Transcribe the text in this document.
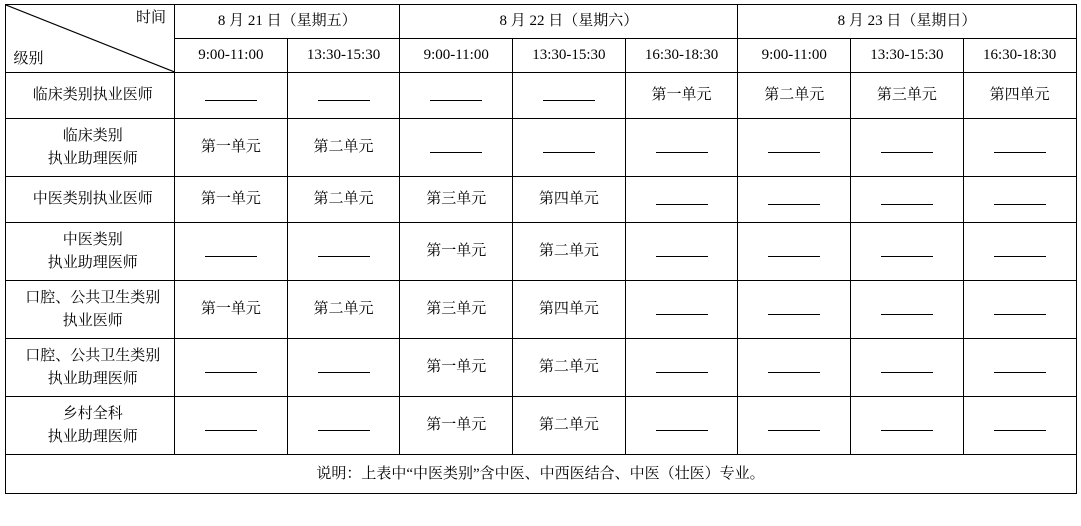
时间
级别	8 月 21 日（星期五）		8 月 22 日（星期六）			8 月 23 日（星期日）		
	9:00-11:00	13:30-15:30	9:00-11:00	13:30-15:30	16:30-18:30	9:00-11:00	13:30-15:30	16:30-18:30

临床类别执业医师					第一单元	第二单元	第三单元	第四单元

临床类别
执业助理医师	第一单元	第二单元						

中医类别执业医师	第一单元	第二单元	第三单元	第四单元				

中医类别
执业助理医师			第一单元	第二单元				

口腔、公共卫生类别
执业医师	第一单元	第二单元	第三单元	第四单元				

口腔、公共卫生类别
执业助理医师			第一单元	第二单元				

乡村全科
执业助理医师			第一单元	第二单元				
说明：上表中“中医类别”含中医、中西医结合、中医（壮医）专业。								
